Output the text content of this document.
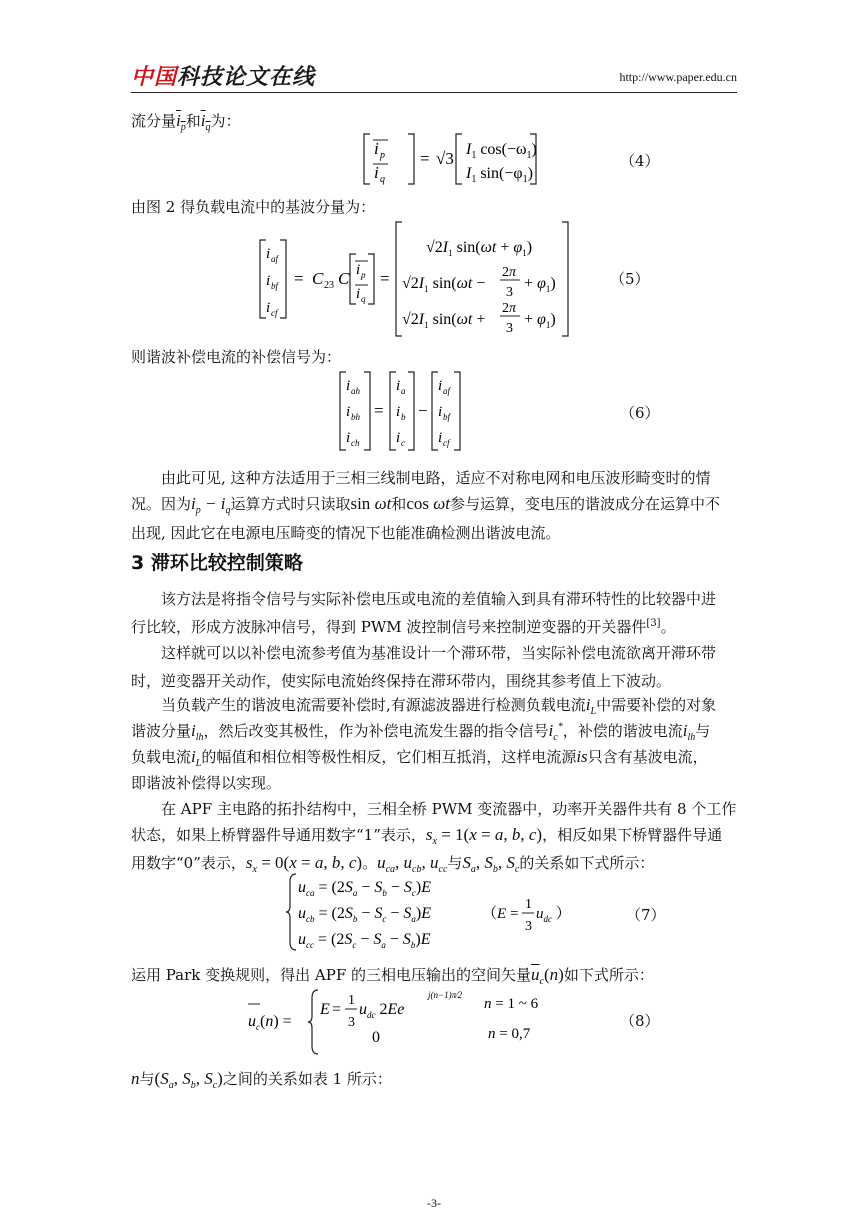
中国科技论文在线	http://www.paper.edu.cn
流分量$i_p$和$i_q$为：
i p
i q
= √3 $I_1$ $\cos(-\omega_1)$
$I_1$ $\sin(-\varphi_1)$
（4）
由图 2 得负载电流中的基波分量为：
i af
i bf
i cf
= C 23 C i p
i q
=
$√2I_1$ $\sin(\omega t + \varphi_1)$
$√2I_1$ sin(ωt −
2π
3
+ $\varphi_1$)
$√2I_1$ sin(ωt +
2π
3
+ $\varphi_1$)
（5）
则谐波补偿电流的补偿信号为：
i ah
i bh
i ch
=
i a
i b
i c
−
i af
i bf
i cf
（6）
由此可见, 这种方法适用于三相三线制电路，适应不对称电网和电压波形畸变时的情
况。因为$i_p - i_q$运算方式时只读取sin ωt和cos ωt参与运算，变电压的谐波成分在运算中不
出现, 因此它在电源电压畸变的情况下也能准确检测出谐波电流。
3 滞环比较控制策略
该方法是将指令信号与实际补偿电压或电流的差值输入到具有滞环特性的比较器中进
行比较，形成方波脉冲信号，得到 PWM 波控制信号来控制逆变器的开关器件[3]。
这样就可以以补偿电流参考值为基准设计一个滞环带，当实际补偿电流欲离开滞环带
时，逆变器开关动作，使实际电流始终保持在滞环带内，围绕其参考值上下波动。
当负载产生的谐波电流需要补偿时,有源滤波器进行检测负载电流$i_L$中需要补偿的对象
谐波分量$i_{lh}$，然后改变其极性，作为补偿电流发生器的指令信号$i_c^*$，补偿的谐波电流$i_{lh}$与
负载电流$i_L$的幅值和相位相等极性相反，它们相互抵消，这样电流源is只含有基波电流，
即谐波补偿得以实现。
在 APF 主电路的拓扑结构中，三相全桥 PWM 变流器中，功率开关器件共有 8 个工作
状态，如果上桥臂器件导通用数字“1”表示，$s_x = 1(x = a$, b, c)，相反如果下桥臂器件导通
用数字“0”表示，$s_x = 0(x = a$, b, c)。$u_{ca}$, $u_{cb}$, $u_{cc}$与$S_a$, $S_b$, $S_c$的关系如下式所示：
$u_{ca} = (2S_a - S_b - S_c)E$
$u_{cb} = (2S_b - S_c - S_a)E$
$u_{cc} = (2S_c - S_a - S_b)E$
（E =
1
3
$u_{dc}$ ）	（7）
运用 Park 变换规则，得出 APF 的三相电压输出的空间矢量$\overline{u}_c(n)$如下式所示：
$u_c(n)$ =
E =
1
3
$u_{dc}$ 2Ee
j(n−1)π⁄2
0
n = 1 ~ 6
n = 0,7
（8）
n与($S_a$, $S_b$, $S_c$)之间的关系如表 1 所示：
-3-
